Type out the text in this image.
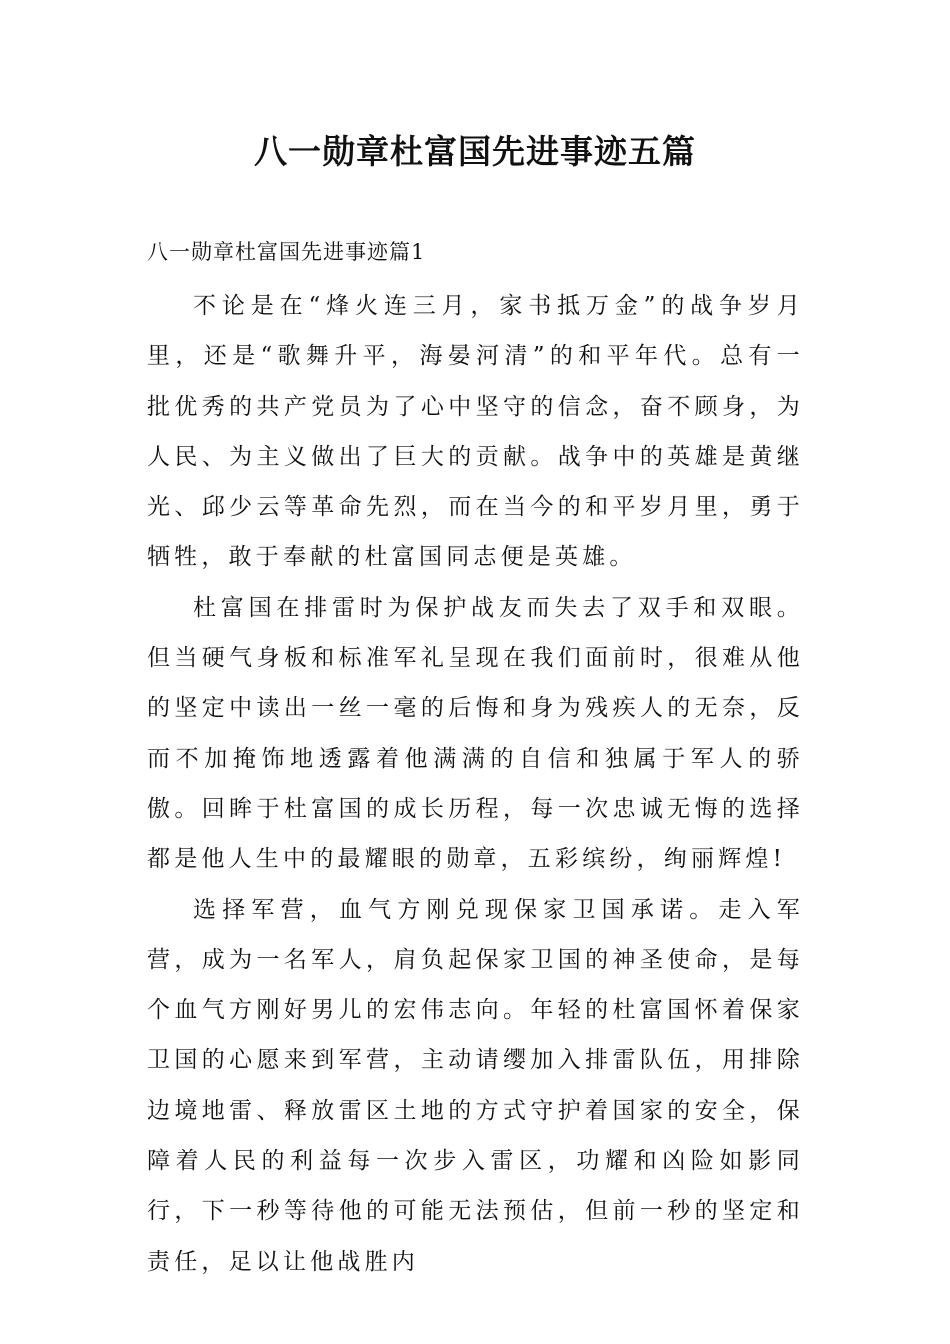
八一勋章杜富国先进事迹五篇
八一勋章杜富国先进事迹篇1

不论是在“烽火连三月，家书抵万金”的战争岁月里，还是“歌舞升平，海晏河清”的和平年代。总有一批优秀的共产党员为了心中坚守的信念，奋不顾身，为人民、为主义做出了巨大的贡献。战争中的英雄是黄继光、邱少云等革命先烈，而在当今的和平岁月里，勇于牺牲，敢于奉献的杜富国同志便是英雄。

杜富国在排雷时为保护战友而失去了双手和双眼。但当硬气身板和标准军礼呈现在我们面前时，很难从他的坚定中读出一丝一毫的后悔和身为残疾人的无奈，反而不加掩饰地透露着他满满的自信和独属于军人的骄傲。回眸于杜富国的成长历程，每一次忠诚无悔的选择都是他人生中的最耀眼的勋章，五彩缤纷，绚丽辉煌!

选择军营，血气方刚兑现保家卫国承诺。走入军营，成为一名军人，肩负起保家卫国的神圣使命，是每个血气方刚好男儿的宏伟志向。年轻的杜富国怀着保家卫国的心愿来到军营，主动请缨加入排雷队伍，用排除边境地雷、释放雷区土地的方式守护着国家的安全，保障着人民的利益每一次步入雷区，功耀和凶险如影同行，下一秒等待他的可能无法预估，但前一秒的坚定和责任，足以让他战胜内
